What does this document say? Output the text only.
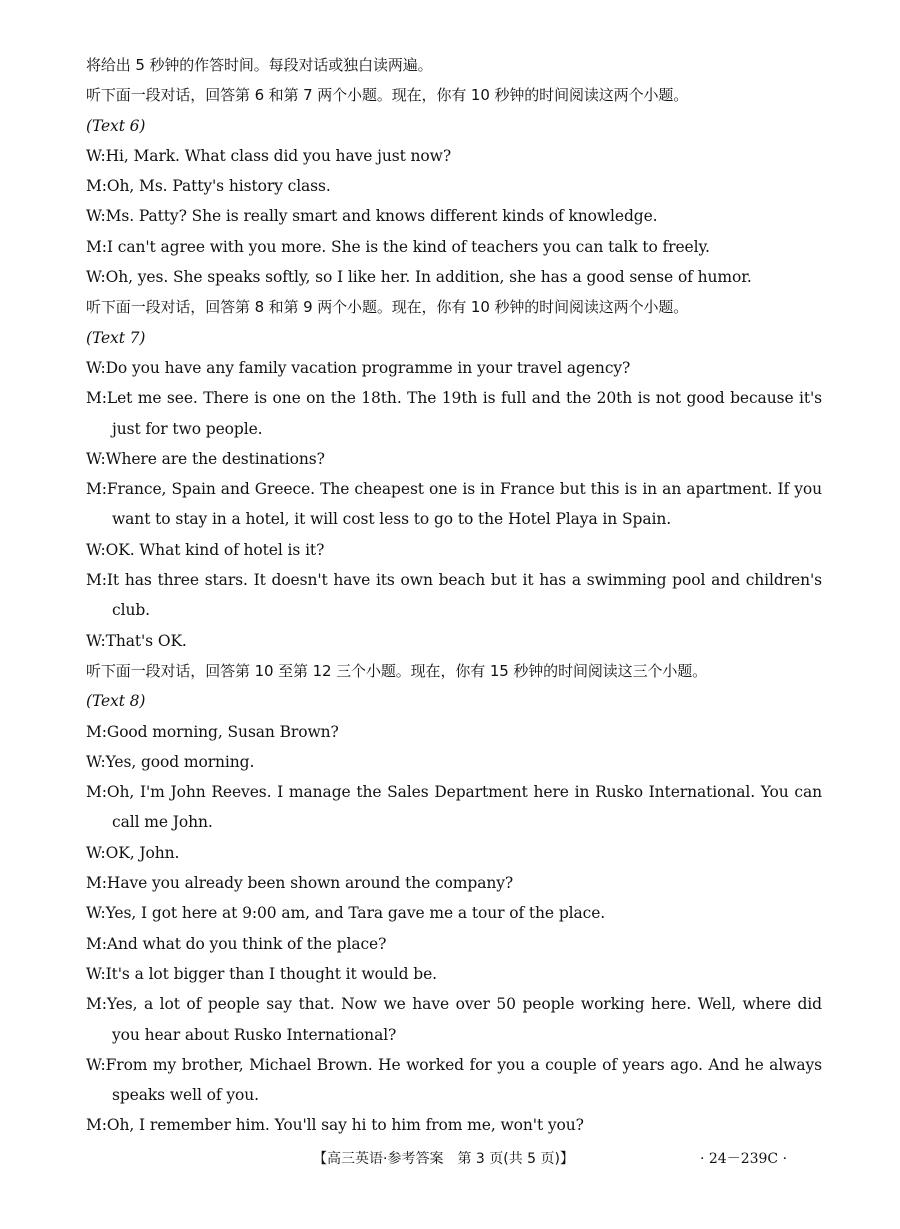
将给出 5 秒钟的作答时间。每段对话或独白读两遍。
听下面一段对话，回答第 6 和第 7 两个小题。现在，你有 10 秒钟的时间阅读这两个小题。
(Text 6)
W:Hi, Mark. What class did you have just now?
M:Oh, Ms. Patty's history class.
W:Ms. Patty? She is really smart and knows different kinds of knowledge.
M:I can't agree with you more. She is the kind of teachers you can talk to freely.
W:Oh, yes. She speaks softly, so I like her. In addition, she has a good sense of humor.
听下面一段对话，回答第 8 和第 9 两个小题。现在，你有 10 秒钟的时间阅读这两个小题。
(Text 7)
W:Do you have any family vacation programme in your travel agency?
M:Let me see. There is one on the 18th. The 19th is full and the 20th is not good because it's just for two people.
W:Where are the destinations?
M:France, Spain and Greece. The cheapest one is in France but this is in an apartment. If you want to stay in a hotel, it will cost less to go to the Hotel Playa in Spain.
W:OK. What kind of hotel is it?
M:It has three stars. It doesn't have its own beach but it has a swimming pool and children's club.
W:That's OK.
听下面一段对话，回答第 10 至第 12 三个小题。现在，你有 15 秒钟的时间阅读这三个小题。
(Text 8)
M:Good morning, Susan Brown?
W:Yes, good morning.
M:Oh, I'm John Reeves. I manage the Sales Department here in Rusko International. You can call me John.
W:OK, John.
M:Have you already been shown around the company?
W:Yes, I got here at 9:00 am, and Tara gave me a tour of the place.
M:And what do you think of the place?
W:It's a lot bigger than I thought it would be.
M:Yes, a lot of people say that. Now we have over 50 people working here. Well, where did you hear about Rusko International?
W:From my brother, Michael Brown. He worked for you a couple of years ago. And he always speaks well of you.
M:Oh, I remember him. You'll say hi to him from me, won't you?
【高三英语·参考答案　第 3 页(共 5 页)】	· 24－239C ·
